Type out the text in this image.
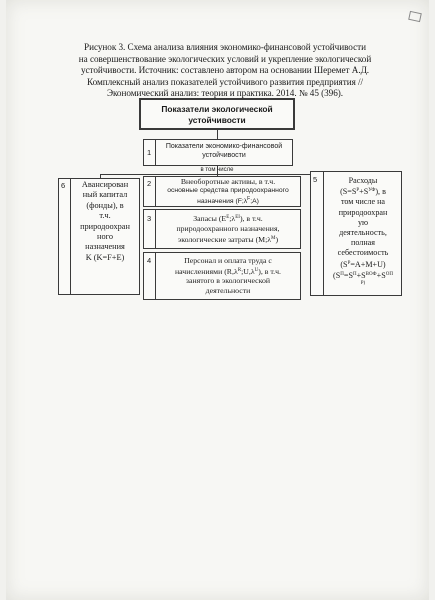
Рисунок 3. Схема анализа влияния экономико-финансовой устойчивости
на совершенствование экологических условий и укрепление экологической
устойчивости. Источник: составлено автором на основании Шеремет А.Д.
Комплексный анализ показателей устойчивого развития предприятия //
Экономический анализ: теория и практика. 2014. № 45 (396).
Показатели экологической устойчивости
1
Показатели экономико-финансовой устойчивости
в том числе
6	Авансирован
ный капитал
(фонды), в
т.ч.
природоохран
ного
назначения
K (K=F+E)
5	Расходы
$(S=S^P+S^{УФ})$, в
том числе на
природоохран
ую
деятельность,
полная
себестоимость
$(S^P=A+M+U)$
($S^П=S^П+S^{ВОФ}+S^{ОП}$
P)
2	Внеоборотные активы, в т.ч.
основные средства природоохранного
назначения $(F;\lambda^F;A)$
3	Запасы $(E^E;\lambda^{EI})$, в т.ч.
природоохранного назначения,
экологические затраты $(M;\lambda^M)$
4	Персонал и оплата труда с
начислениями $(R,\lambda^R;U,\lambda^U)$, в т.ч.
занятого в экологической
деятельности
